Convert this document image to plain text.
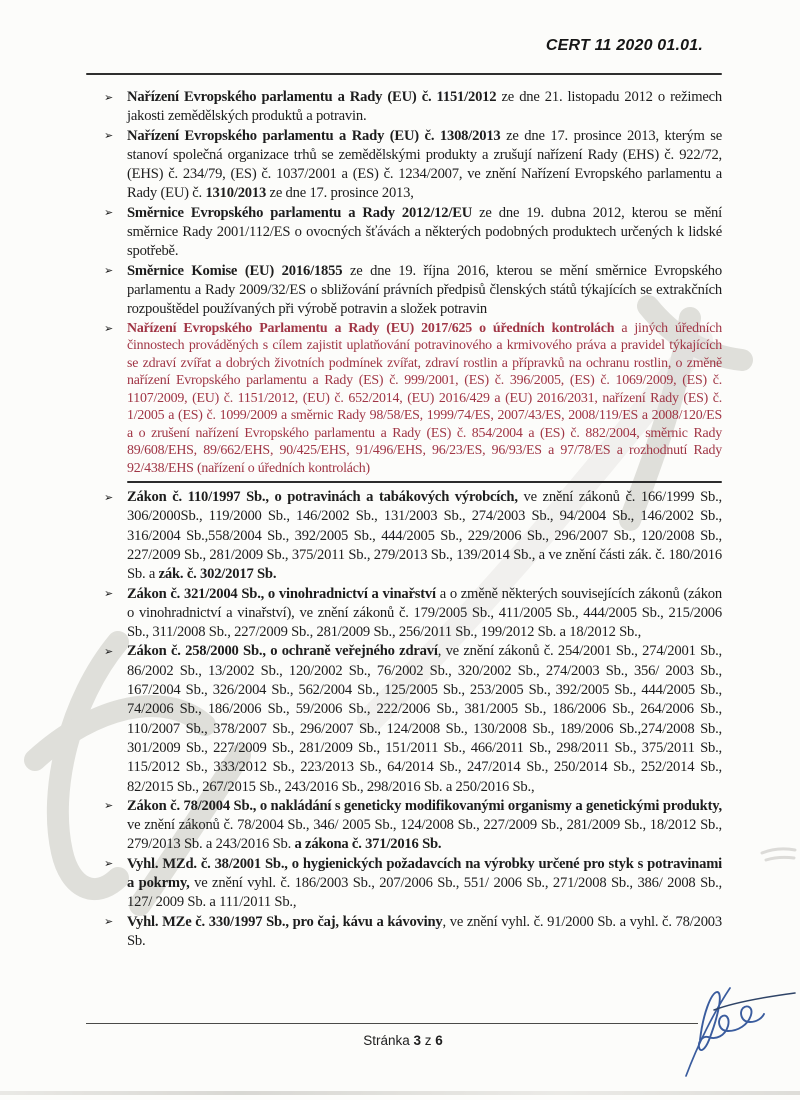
CERT 11 2020 01.01.
➢ Nařízení Evropského parlamentu a Rady (EU) č. 1151/2012 ze dne 21. listopadu 2012 o režimech jakosti zemědělských produktů a potravin.

➢ Nařízení Evropského parlamentu a Rady (EU) č. 1308/2013 ze dne 17. prosince 2013, kterým se stanoví společná organizace trhů se zemědělskými produkty a zrušují nařízení Rady (EHS) č. 922/72, (EHS) č. 234/79, (ES) č. 1037/2001 a (ES) č. 1234/2007, ve znění Nařízení Evropského parlamentu a Rady (EU) č. 1310/2013 ze dne 17. prosince 2013,

➢ Směrnice Evropského parlamentu a Rady 2012/12/EU ze dne 19. dubna 2012, kterou se mění směrnice Rady 2001/112/ES o ovocných šťávách a některých podobných produktech určených k lidské spotřebě.

➢ Směrnice Komise (EU) 2016/1855 ze dne 19. října 2016, kterou se mění směrnice Evropského parlamentu a Rady 2009/32/ES o sbližování právních předpisů členských států týkajících se extrakčních rozpouštědel používaných při výrobě potravin a složek potravin

➢ Nařízení Evropského Parlamentu a Rady (EU) 2017/625 o úředních kontrolách a jiných úředních činnostech prováděných s cílem zajistit uplatňování potravinového a krmivového práva a pravidel týkajících se zdraví zvířat a dobrých životních podmínek zvířat, zdraví rostlin a přípravků na ochranu rostlin, o změně nařízení Evropského parlamentu a Rady (ES) č. 999/2001, (ES) č. 396/2005, (ES) č. 1069/2009, (ES) č. 1107/2009, (EU) č. 1151/2012, (EU) č. 652/2014, (EU) 2016/429 a (EU) 2016/2031, nařízení Rady (ES) č. 1/2005 a (ES) č. 1099/2009 a směrnic Rady 98/58/ES, 1999/74/ES, 2007/43/ES, 2008/119/ES a 2008/120/ES a o zrušení nařízení Evropského parlamentu a Rady (ES) č. 854/2004 a (ES) č. 882/2004, směrnic Rady 89/608/EHS, 89/662/EHS, 90/425/EHS, 91/496/EHS, 96/23/ES, 96/93/ES a 97/78/ES a rozhodnutí Rady 92/438/EHS (nařízení o úředních kontrolách)

➢ Zákon č. 110/1997 Sb., o potravinách a tabákových výrobcích, ve znění zákonů č. 166/1999 Sb., 306/2000Sb., 119/2000 Sb., 146/2002 Sb., 131/2003 Sb., 274/2003 Sb., 94/2004 Sb., 146/2002 Sb., 316/2004 Sb.,558/2004 Sb., 392/2005 Sb., 444/2005 Sb., 229/2006 Sb., 296/2007 Sb., 120/2008 Sb., 227/2009 Sb., 281/2009 Sb., 375/2011 Sb., 279/2013 Sb., 139/2014 Sb., a ve znění části zák. č. 180/2016 Sb. a zák. č. 302/2017 Sb.

➢ Zákon č. 321/2004 Sb., o vinohradnictví a vinařství a o změně některých souvisejících zákonů (zákon o vinohradnictví a vinařství), ve znění zákonů č. 179/2005 Sb., 411/2005 Sb., 444/2005 Sb., 215/2006 Sb., 311/2008 Sb., 227/2009 Sb., 281/2009 Sb., 256/2011 Sb., 199/2012 Sb. a 18/2012 Sb.,

➢ Zákon č. 258/2000 Sb., o ochraně veřejného zdraví, ve znění zákonů č. 254/2001 Sb., 274/2001 Sb., 86/2002 Sb., 13/2002 Sb., 120/2002 Sb., 76/2002 Sb., 320/2002 Sb., 274/2003 Sb., 356/ 2003 Sb., 167/2004 Sb., 326/2004 Sb., 562/2004 Sb., 125/2005 Sb., 253/2005 Sb., 392/2005 Sb., 444/2005 Sb., 74/2006 Sb., 186/2006 Sb., 59/2006 Sb., 222/2006 Sb., 381/2005 Sb., 186/2006 Sb., 264/2006 Sb., 110/2007 Sb., 378/2007 Sb., 296/2007 Sb., 124/2008 Sb., 130/2008 Sb., 189/2006 Sb.,274/2008 Sb., 301/2009 Sb., 227/2009 Sb., 281/2009 Sb., 151/2011 Sb., 466/2011 Sb., 298/2011 Sb., 375/2011 Sb., 115/2012 Sb., 333/2012 Sb., 223/2013 Sb., 64/2014 Sb., 247/2014 Sb., 250/2014 Sb., 252/2014 Sb., 82/2015 Sb., 267/2015 Sb., 243/2016 Sb., 298/2016 Sb. a 250/2016 Sb.,

➢ Zákon č. 78/2004 Sb., o nakládání s geneticky modifikovanými organismy a genetickými produkty, ve znění zákonů č. 78/2004 Sb., 346/ 2005 Sb., 124/2008 Sb., 227/2009 Sb., 281/2009 Sb., 18/2012 Sb., 279/2013 Sb. a 243/2016 Sb. a zákona č. 371/2016 Sb.

➢ Vyhl. MZd. č. 38/2001 Sb., o hygienických požadavcích na výrobky určené pro styk s potravinami a pokrmy, ve znění vyhl. č. 186/2003 Sb., 207/2006 Sb., 551/ 2006 Sb., 271/2008 Sb., 386/ 2008 Sb., 127/ 2009 Sb. a 111/2011 Sb.,

➢ Vyhl. MZe č. 330/1997 Sb., pro čaj, kávu a kávoviny, ve znění vyhl. č. 91/2000 Sb. a vyhl. č. 78/2003 Sb.

Stránka 3 z 6
